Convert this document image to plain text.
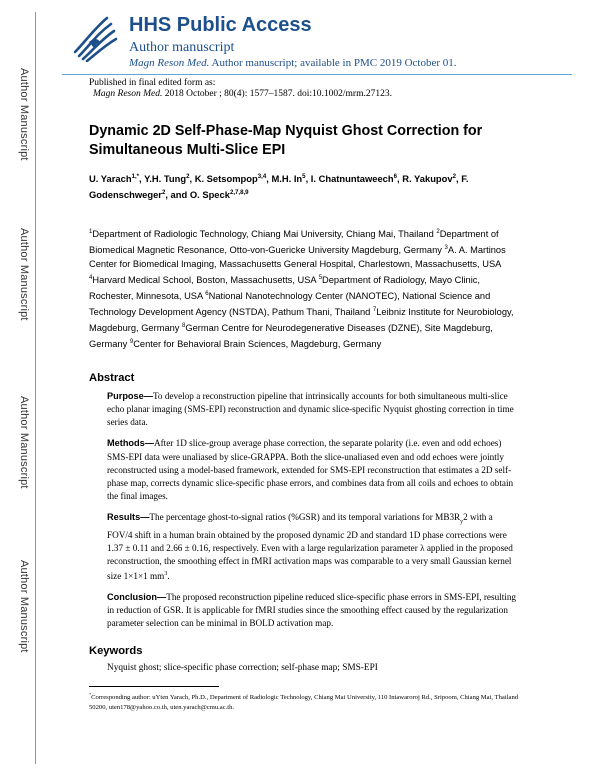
Author Manuscript
Author Manuscript
Author Manuscript
Author Manuscript
HHS Public Access
Author manuscript
Magn Reson Med. Author manuscript; available in PMC 2019 October 01.
Published in final edited form as:
Magn Reson Med. 2018 October ; 80(4): 1577–1587. doi:10.1002/mrm.27123.
Dynamic 2D Self-Phase-Map Nyquist Ghost Correction for Simultaneous Multi-Slice EPI
U. Yarach$^{1,*}$, Y.H. Tung$^2$, K. Setsompop$^{3,4}$, M.H. In$^5$, I. Chatnuntaweech$^6$, R. Yakupov$^2$, F. Godenschweger$^2$, and O. Speck$^{2,7,8,9}$
$^1$Department of Radiologic Technology, Chiang Mai University, Chiang Mai, Thailand $^2$Department of Biomedical Magnetic Resonance, Otto-von-Guericke University Magdeburg, Germany $^3$A. A. Martinos Center for Biomedical Imaging, Massachusetts General Hospital, Charlestown, Massachusetts, USA $^4$Harvard Medical School, Boston, Massachusetts, USA $^5$Department of Radiology, Mayo Clinic, Rochester, Minnesota, USA $^6$National Nanotechnology Center (NANOTEC), National Science and Technology Development Agency (NSTDA), Pathum Thani, Thailand $^7$Leibniz Institute for Neurobiology, Magdeburg, Germany $^8$German Centre for Neurodegenerative Diseases (DZNE), Site Magdeburg, Germany $^9$Center for Behavioral Brain Sciences, Magdeburg, Germany
Abstract

Purpose—To develop a reconstruction pipeline that intrinsically accounts for both simultaneous multi-slice echo planar imaging (SMS-EPI) reconstruction and dynamic slice-specific Nyquist ghosting correction in time series data.

Methods—After 1D slice-group average phase correction, the separate polarity (i.e. even and odd echoes) SMS-EPI data were unaliased by slice-GRAPPA. Both the slice-unaliased even and odd echoes were jointly reconstructed using a model-based framework, extended for SMS-EPI reconstruction that estimates a 2D self-phase map, corrects dynamic slice-specific phase errors, and combines data from all coils and echoes to obtain the final images.

Results—The percentage ghost-to-signal ratios (%GSR) and its temporal variations for $MB3R_y2$ with a FOV/4 shift in a human brain obtained by the proposed dynamic 2D and standard 1D phase corrections were 1.37 ± 0.11 and 2.66 ± 0.16, respectively. Even with a large regularization parameter λ applied in the proposed reconstruction, the smoothing effect in fMRI activation maps was comparable to a very small Gaussian kernel size 1×1×1 $mm^3$.

Conclusion—The proposed reconstruction pipeline reduced slice-specific phase errors in SMS-EPI, resulting in reduction of GSR. It is applicable for fMRI studies since the smoothing effect caused by the regularization parameter selection can be minimal in BOLD activation map.

Keywords

Nyquist ghost; slice-specific phase correction; self-phase map; SMS-EPI

*Corresponding author: uYten Yarach, Ph.D., Department of Radiologic Technology, Chiang Mai University, 110 Intawaroroj Rd., Sripoom, Chiang Mai, Thailand 50200, uten178@yahoo.co.th, uten.yarach@cmu.ac.th.
